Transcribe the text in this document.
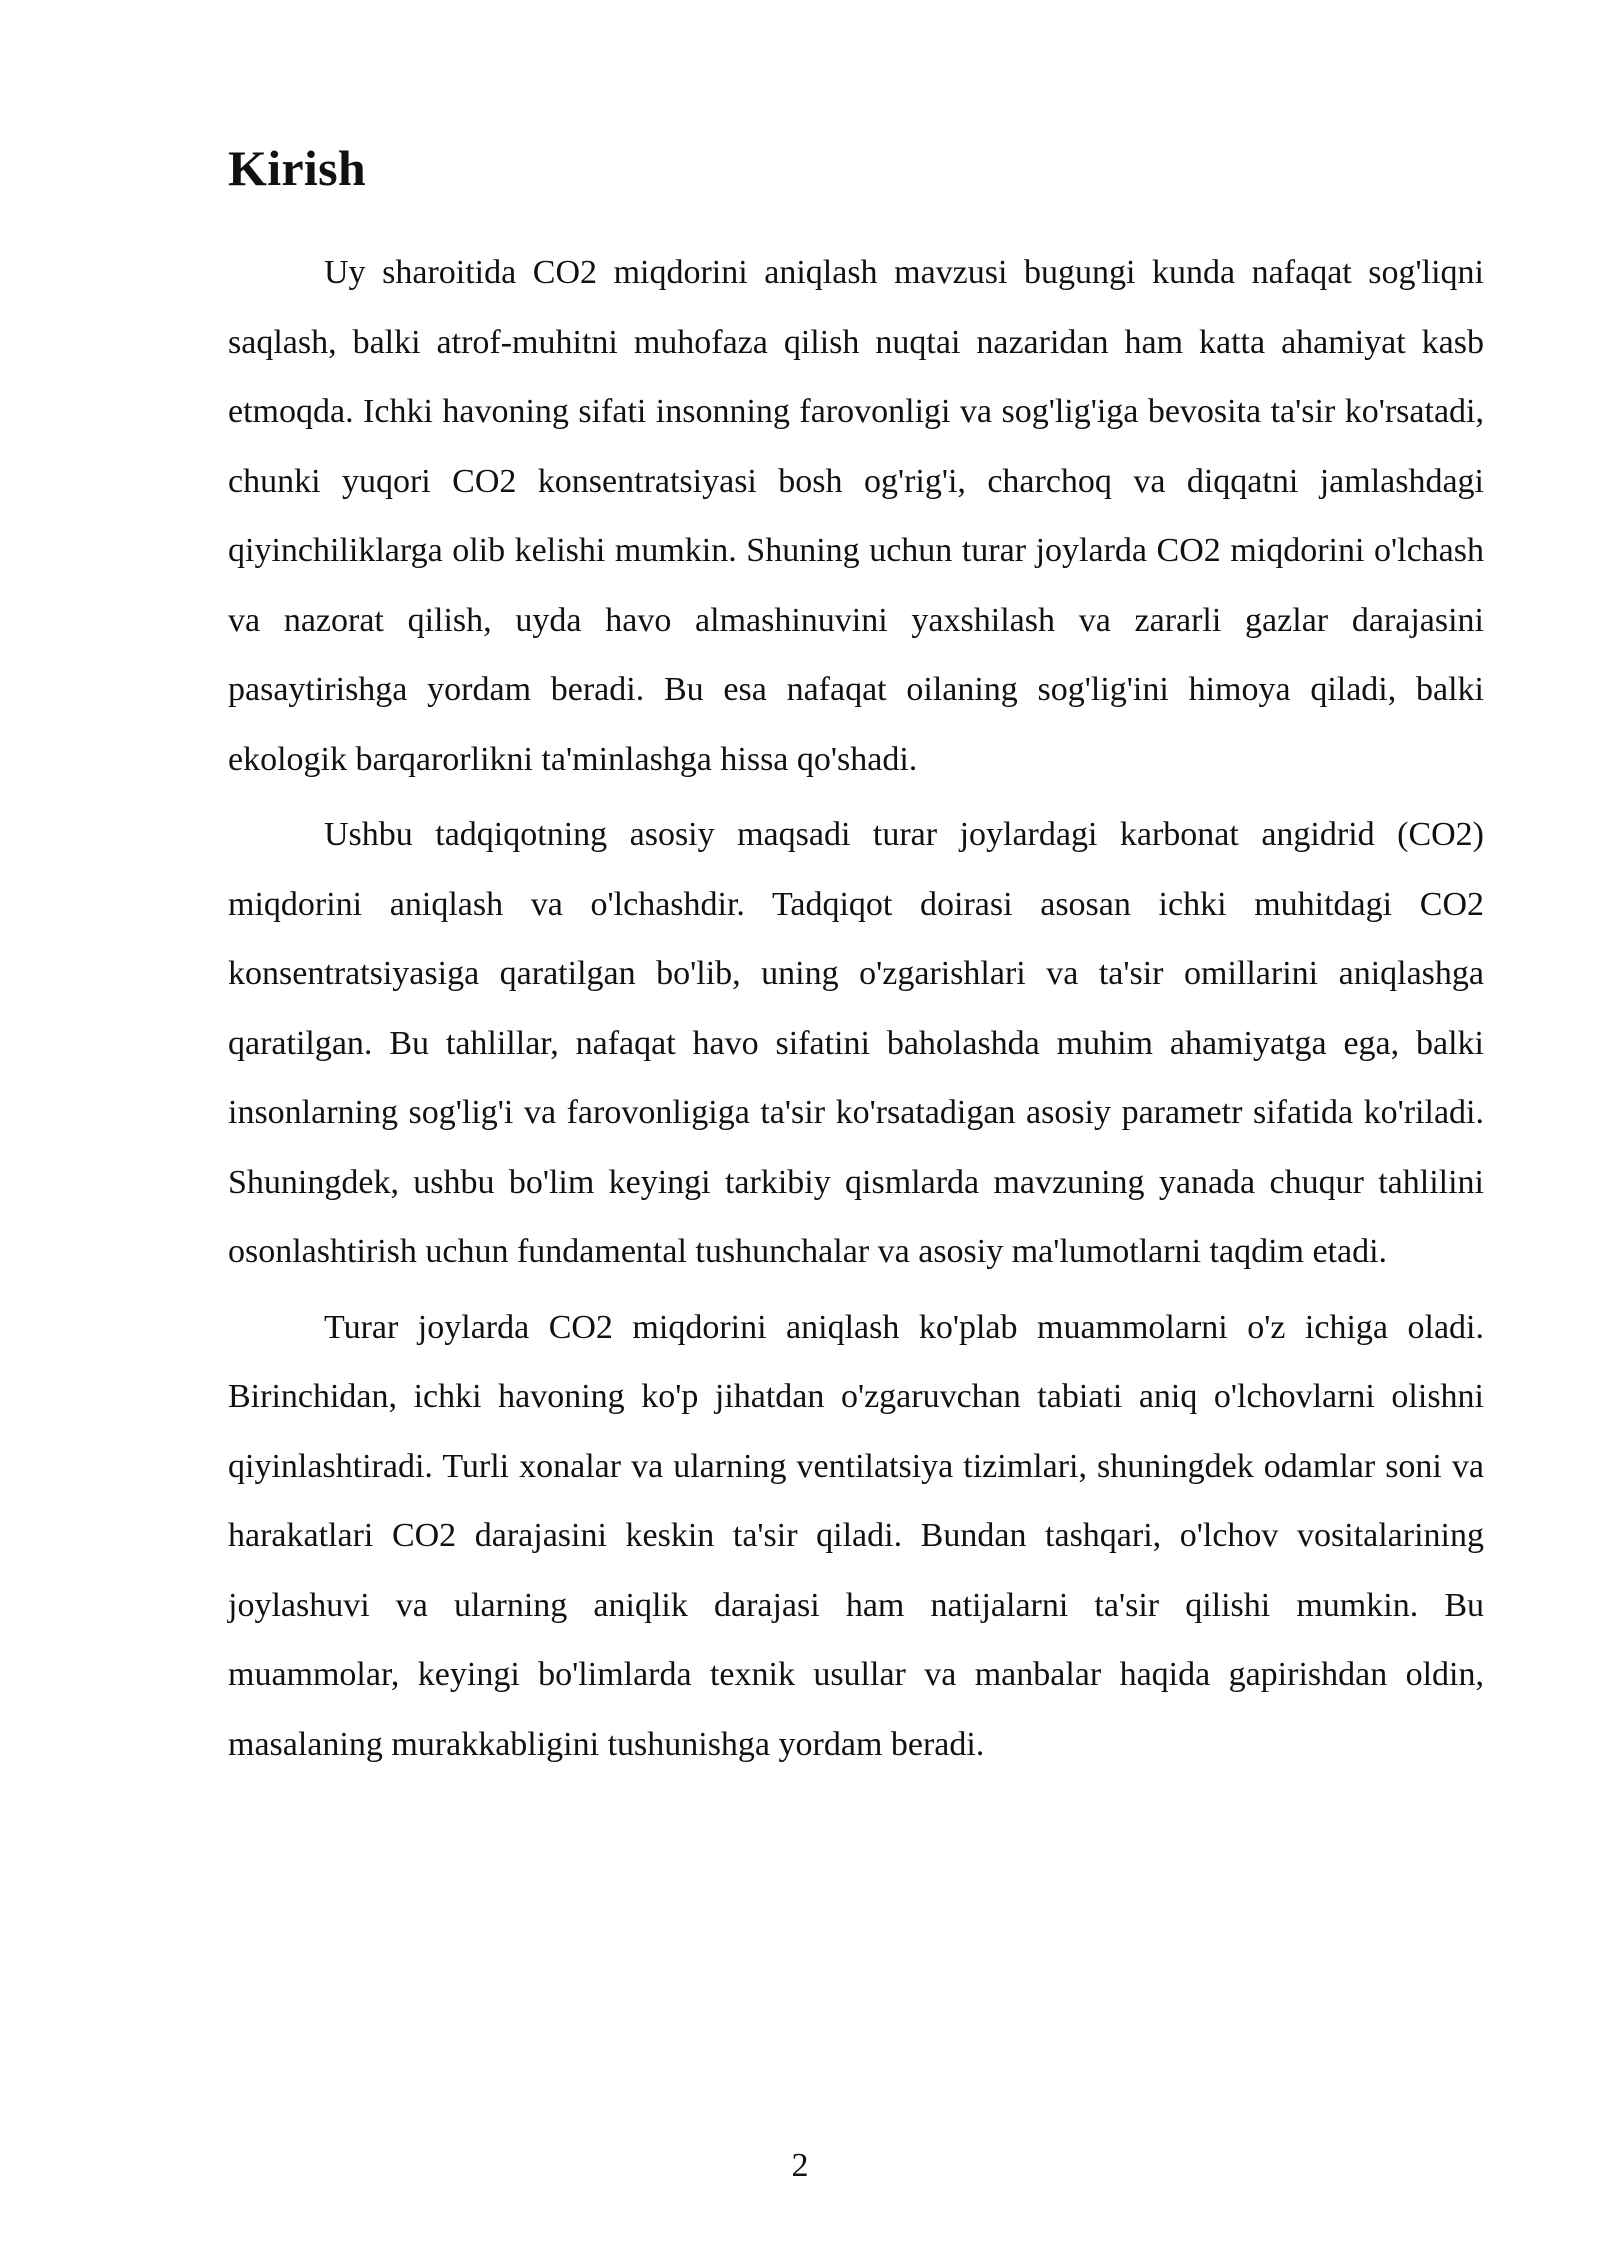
Kirish

Uy sharoitida CO2 miqdorini aniqlash mavzusi bugungi kunda nafaqat sog'liqni saqlash, balki atrof-muhitni muhofaza qilish nuqtai nazaridan ham katta ahamiyat kasb etmoqda. Ichki havoning sifati insonning farovonligi va sog'lig'iga bevosita ta'sir ko'rsatadi, chunki yuqori CO2 konsentratsiyasi bosh og'rig'i, charchoq va diqqatni jamlashdagi qiyinchiliklarga olib kelishi mumkin. Shuning uchun turar joylarda CO2 miqdorini o'lchash va nazorat qilish, uyda havo almashinuvini yaxshilash va zararli gazlar darajasini pasaytirishga yordam beradi. Bu esa nafaqat oilaning sog'lig'ini himoya qiladi, balki ekologik barqarorlikni ta'minlashga hissa qo'shadi.

Ushbu tadqiqotning asosiy maqsadi turar joylardagi karbonat angidrid (CO2) miqdorini aniqlash va o'lchashdir. Tadqiqot doirasi asosan ichki muhitdagi CO2 konsentratsiyasiga qaratilgan bo'lib, uning o'zgarishlari va ta'sir omillarini aniqlashga qaratilgan. Bu tahlillar, nafaqat havo sifatini baholashda muhim ahamiyatga ega, balki insonlarning sog'lig'i va farovonligiga ta'sir ko'rsatadigan asosiy parametr sifatida ko'riladi. Shuningdek, ushbu bo'lim keyingi tarkibiy qismlarda mavzuning yanada chuqur tahlilini osonlashtirish uchun fundamental tushunchalar va asosiy ma'lumotlarni taqdim etadi.

Turar joylarda CO2 miqdorini aniqlash ko'plab muammolarni o'z ichiga oladi. Birinchidan, ichki havoning ko'p jihatdan o'zgaruvchan tabiati aniq o'lchovlarni olishni qiyinlashtiradi. Turli xonalar va ularning ventilatsiya tizimlari, shuningdek odamlar soni va harakatlari CO2 darajasini keskin ta'sir qiladi. Bundan tashqari, o'lchov vositalarining joylashuvi va ularning aniqlik darajasi ham natijalarni ta'sir qilishi mumkin. Bu muammolar, keyingi bo'limlarda texnik usullar va manbalar haqida gapirishdan oldin, masalaning murakkabligini tushunishga yordam beradi.

2
